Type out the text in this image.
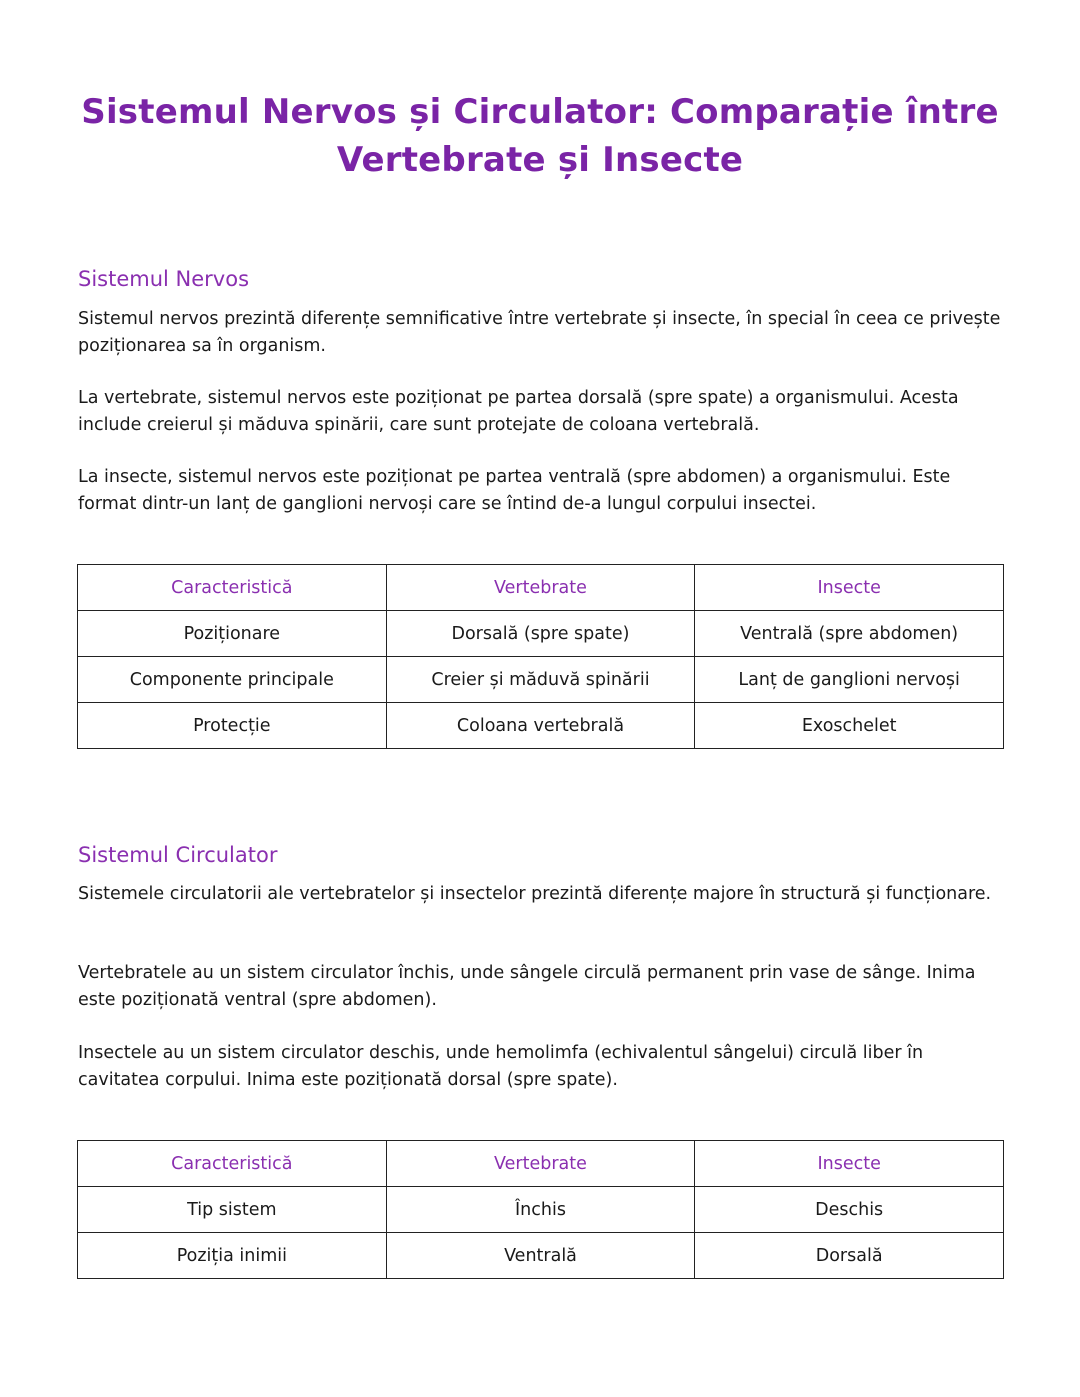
Sistemul Nervos și Circulator: Comparație între
Vertebrate și Insecte
Sistemul Nervos

Sistemul nervos prezintă diferențe semnificative între vertebrate și insecte, în special în ceea ce privește poziționarea sa în organism.

La vertebrate, sistemul nervos este poziționat pe partea dorsală (spre spate) a organismului. Acesta include creierul și măduva spinării, care sunt protejate de coloana vertebrală.

La insecte, sistemul nervos este poziționat pe partea ventrală (spre abdomen) a organismului. Este format dintr-un lanț de ganglioni nervoși care se întind de-a lungul corpului insectei.

Caracteristică	Vertebrate	Insecte
Poziționare	Dorsală (spre spate)	Ventrală (spre abdomen)
Componente principale	Creier și măduvă spinării	Lanț de ganglioni nervoși
Protecție	Coloana vertebrală	Exoschelet
Sistemul Circulator

Sistemele circulatorii ale vertebratelor și insectelor prezintă diferențe majore în structură și funcționare.

Vertebratele au un sistem circulator închis, unde sângele circulă permanent prin vase de sânge. Inima este poziționată ventral (spre abdomen).

Insectele au un sistem circulator deschis, unde hemolimfa (echivalentul sângelui) circulă liber în cavitatea corpului. Inima este poziționată dorsal (spre spate).

Caracteristică	Vertebrate	Insecte
Tip sistem	Închis	Deschis
Poziția inimii	Ventrală	Dorsală
